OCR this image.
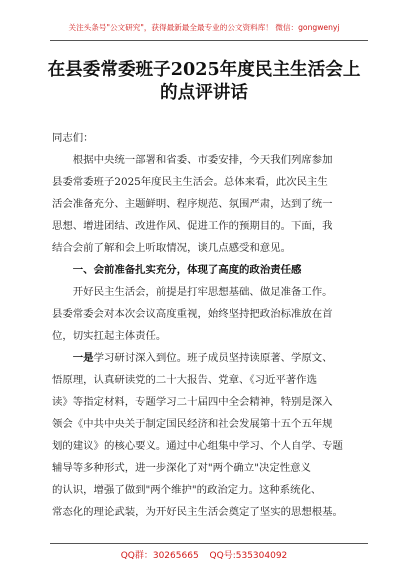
关注头条号"公文研究"，获得最新最全最专业的公文资料库！ 微信：gongwenyj
在县委常委班子2025年度民主生活会上
的点评讲话

同志们：

根据中央统一部署和省委、市委安排，今天我们列席参加
县委常委班子2025年度民主生活会。总体来看，此次民主生
活会准备充分、主题鲜明、程序规范、氛围严肃，达到了统一
思想、增进团结、改进作风、促进工作的预期目的。下面，我
结合会前了解和会上听取情况，谈几点感受和意见。

一、会前准备扎实充分，体现了高度的政治责任感

开好民主生活会，前提是打牢思想基础、做足准备工作。
县委常委会对本次会议高度重视，始终坚持把政治标准放在首
位，切实扛起主体责任。

一是学习研讨深入到位。班子成员坚持读原著、学原文、
悟原理，认真研读党的二十大报告、党章、《习近平著作选
读》等指定材料，专题学习二十届四中全会精神，特别是深入
领会《中共中央关于制定国民经济和社会发展第十五个五年规
划的建议》的核心要义。通过中心组集中学习、个人自学、专题
辅导等多种形式，进一步深化了对"两个确立"决定性意义
的认识，增强了做到"两个维护"的政治定力。这种系统化、
常态化的理论武装，为开好民主生活会奠定了坚实的思想根基。

QQ群：30265665 QQ号:535304092
